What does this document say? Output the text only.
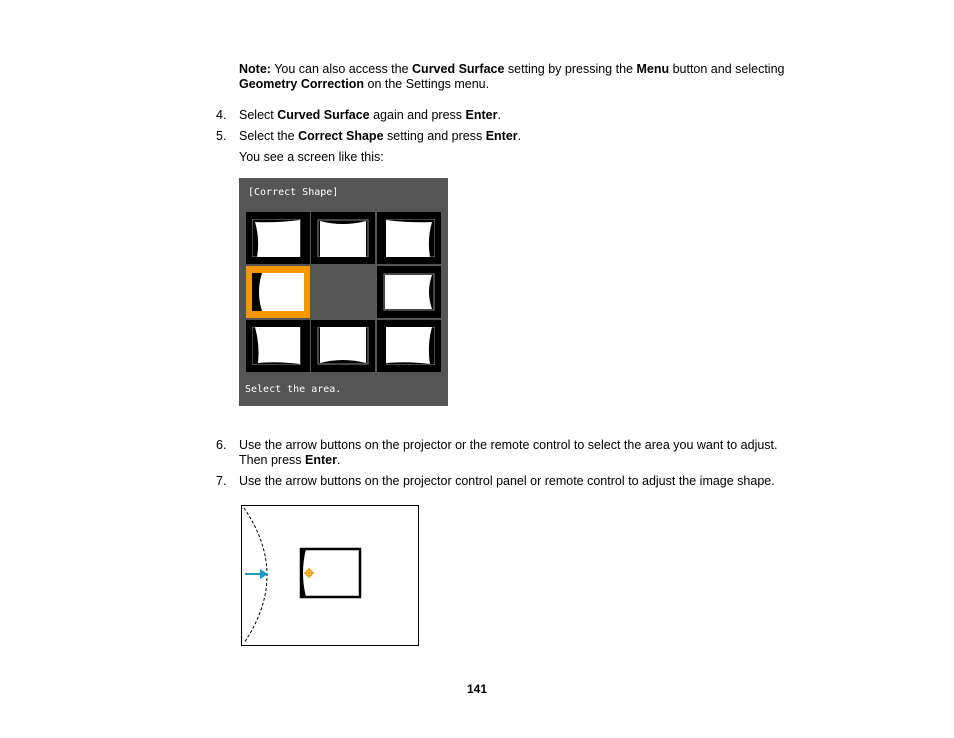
Note: You can also access the Curved Surface setting by pressing the Menu button and selecting
Geometry Correction on the Settings menu.
4. Select Curved Surface again and press Enter.
5. Select the Correct Shape setting and press Enter.
You see a screen like this:
[Correct Shape]
Select the area.
6. Use the arrow buttons on the projector or the remote control to select the area you want to adjust.
Then press Enter.
7. Use the arrow buttons on the projector control panel or remote control to adjust the image shape.
141
